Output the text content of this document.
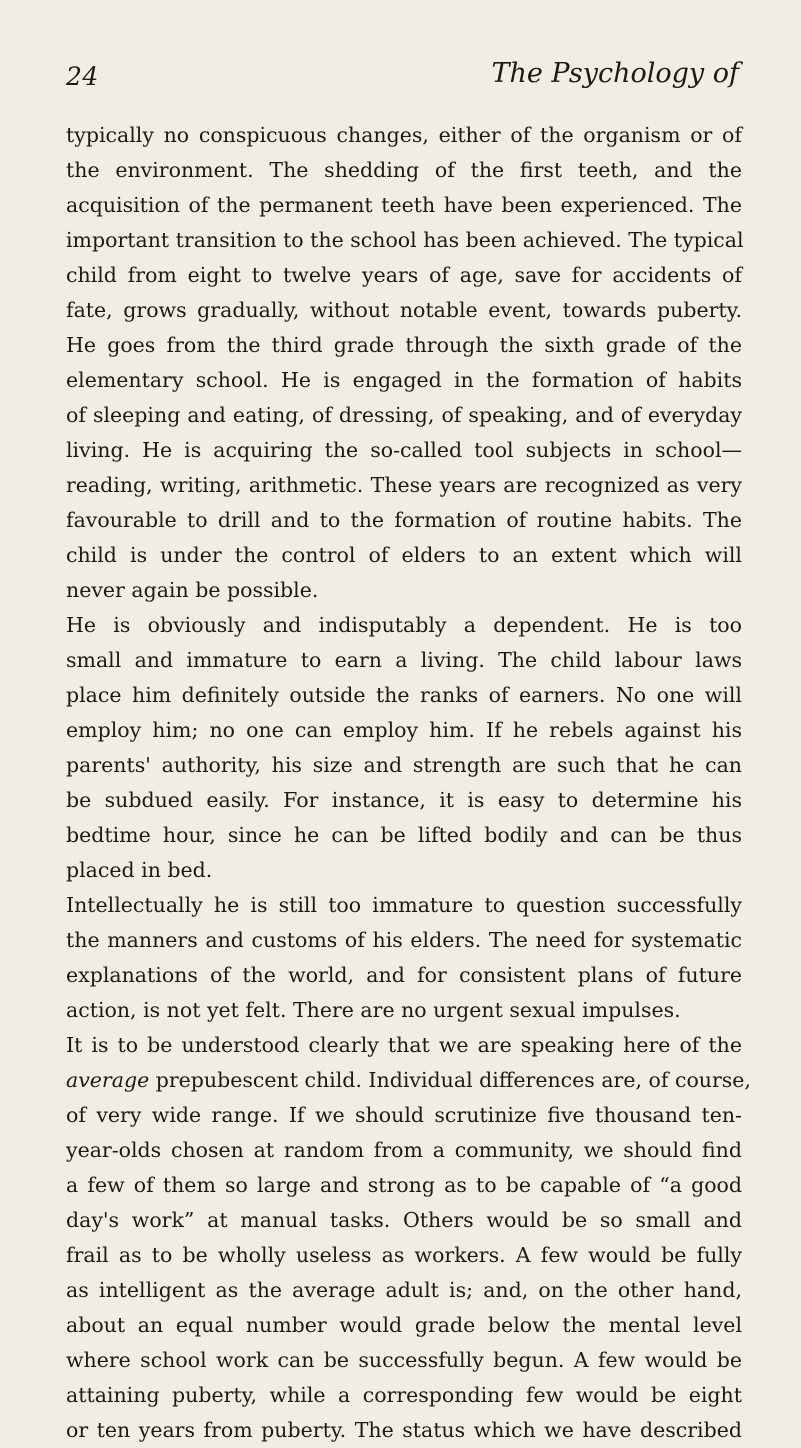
24	The Psychology of
typically no conspicuous changes, either of the organism or of
the environment. The shedding of the first teeth, and the
acquisition of the permanent teeth have been experienced. The
important transition to the school has been achieved. The typical
child from eight to twelve years of age, save for accidents of
fate, grows gradually, without notable event, towards puberty.
He goes from the third grade through the sixth grade of the
elementary school. He is engaged in the formation of habits
of sleeping and eating, of dressing, of speaking, and of everyday
living. He is acquiring the so-called tool subjects in school—
reading, writing, arithmetic. These years are recognized as very
favourable to drill and to the formation of routine habits. The
child is under the control of elders to an extent which will
never again be possible.
He is obviously and indisputably a dependent. He is too
small and immature to earn a living. The child labour laws
place him definitely outside the ranks of earners. No one will
employ him; no one can employ him. If he rebels against his
parents' authority, his size and strength are such that he can
be subdued easily. For instance, it is easy to determine his
bedtime hour, since he can be lifted bodily and can be thus
placed in bed.
Intellectually he is still too immature to question successfully
the manners and customs of his elders. The need for systematic
explanations of the world, and for consistent plans of future
action, is not yet felt. There are no urgent sexual impulses.
It is to be understood clearly that we are speaking here of the
average prepubescent child. Individual differences are, of course,
of very wide range. If we should scrutinize five thousand ten-
year-olds chosen at random from a community, we should find
a few of them so large and strong as to be capable of “a good
day's work” at manual tasks. Others would be so small and
frail as to be wholly useless as workers. A few would be fully
as intelligent as the average adult is; and, on the other hand,
about an equal number would grade below the mental level
where school work can be successfully begun. A few would be
attaining puberty, while a corresponding few would be eight
or ten years from puberty. The status which we have described
